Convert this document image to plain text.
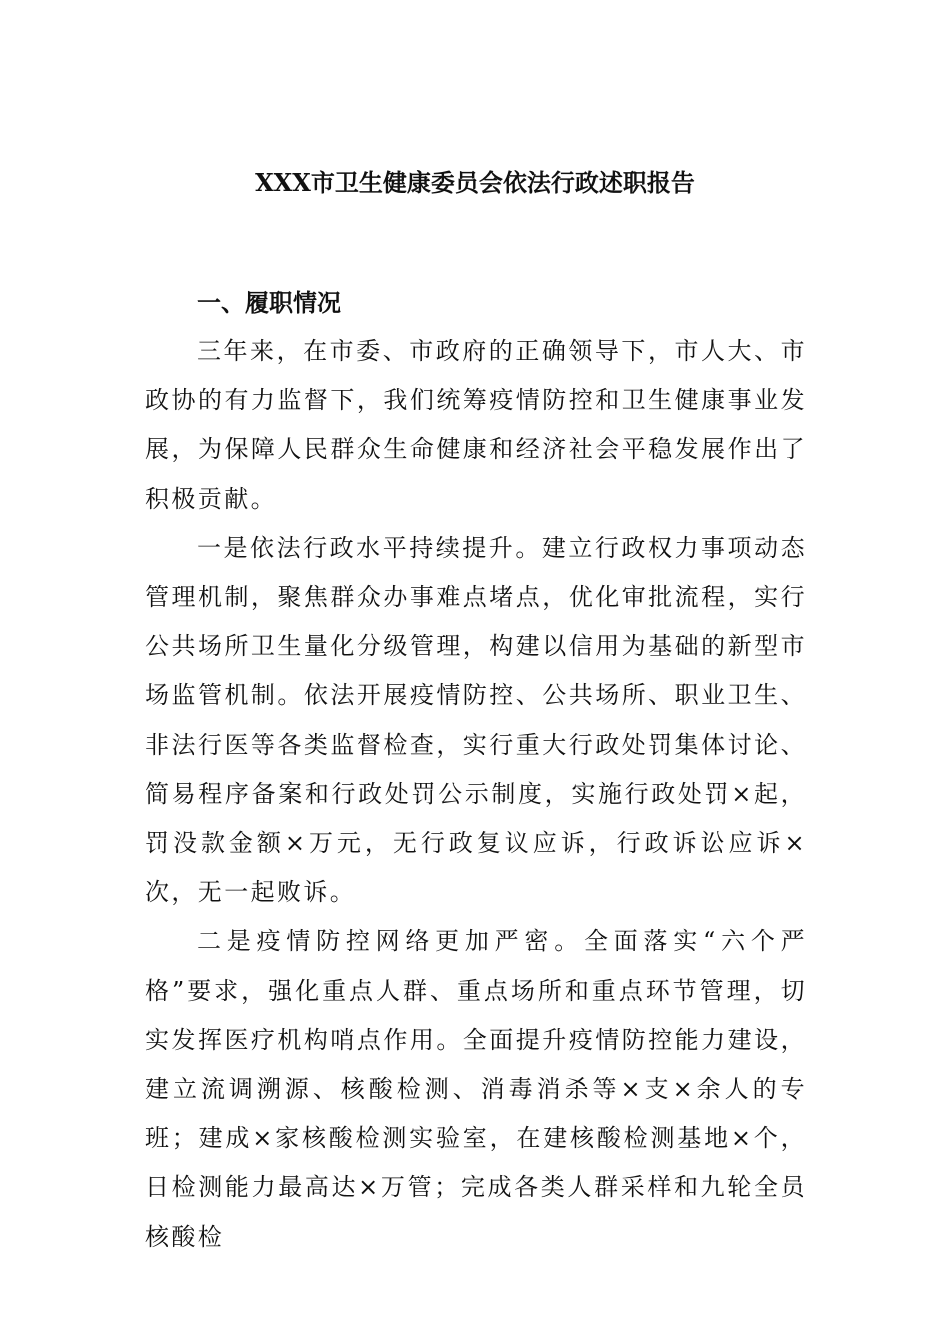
XXX市卫生健康委员会依法行政述职报告
一、履职情况

三年来，在市委、市政府的正确领导下，市人大、市政协的有力监督下，我们统筹疫情防控和卫生健康事业发展，为保障人民群众生命健康和经济社会平稳发展作出了积极贡献。

一是依法行政水平持续提升。建立行政权力事项动态管理机制，聚焦群众办事难点堵点，优化审批流程，实行公共场所卫生量化分级管理，构建以信用为基础的新型市场监管机制。依法开展疫情防控、公共场所、职业卫生、非法行医等各类监督检查，实行重大行政处罚集体讨论、简易程序备案和行政处罚公示制度，实施行政处罚×起，罚没款金额×万元，无行政复议应诉，行政诉讼应诉×次，无一起败诉。

二是疫情防控网络更加严密。全面落实“六个严格”要求，强化重点人群、重点场所和重点环节管理，切实发挥医疗机构哨点作用。全面提升疫情防控能力建设，建立流调溯源、核酸检测、消毒消杀等×支×余人的专班；建成×家核酸检测实验室，在建核酸检测基地×个，日检测能力最高达×万管；完成各类人群采样和九轮全员核酸检
